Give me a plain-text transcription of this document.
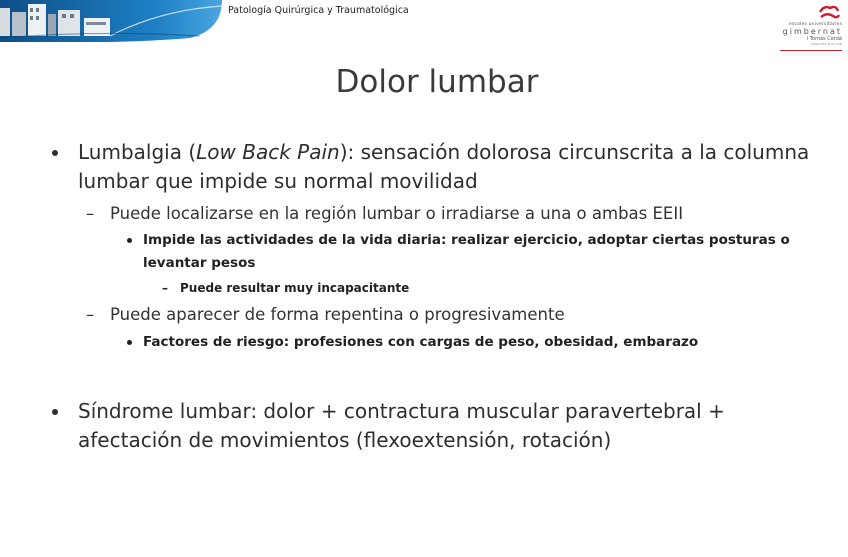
Patología Quirúrgica y Traumatológica
escoles universitàries
gimbernat
i Tomàs Cerdà
adscrites a la uab
Dolor lumbar
Lumbalgia (Low Back Pain): sensación dolorosa circunscrita a la columna
lumbar que impide su normal movilidad
– Puede localizarse en la región lumbar o irradiarse a una o ambas EEII
Impide las actividades de la vida diaria: realizar ejercicio, adoptar ciertas posturas o
levantar pesos
– Puede resultar muy incapacitante
– Puede aparecer de forma repentina o progresivamente
Factores de riesgo: profesiones con cargas de peso, obesidad, embarazo
Síndrome lumbar: dolor + contractura muscular paravertebral +
afectación de movimientos (flexoextensión, rotación)
